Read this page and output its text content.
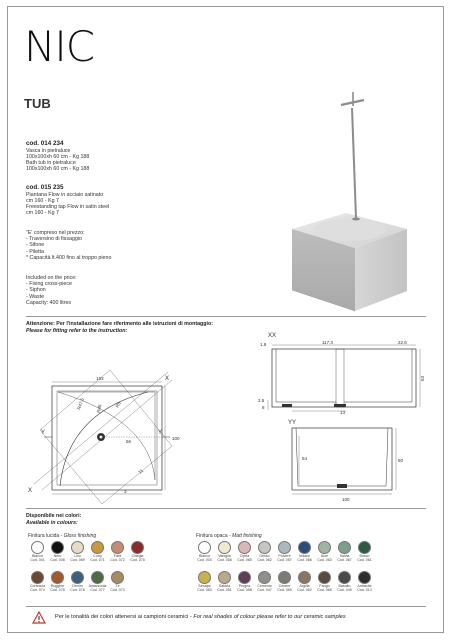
NIC
TUB
cod. 014 234
Vasca in pietraluce
100x100xh 60 cm - Kg 188
Bath tub in pietraluce
100x100xh 60 cm - Kg 188
cod. 015 235
Piantana Flow in acciaio satinato
cm 160 - Kg 7
Freestanding tap Flow in satin steel
cm 160 - Kg 7
"E' compreso nel prezzo:
- Traversino di fissaggio
- Sifone
- Piletta
* Capacità lt.400 fino al troppo pieno
Included on the price:
- Fixing cross-piece
- Siphon
- Waste
Capacity: 400 litres
Attenzione: Per l'installazione fare riferimento alle istruzioni di montaggio:
Please for fitting refer to the instruction:
102
R47.5 R45	R5
56
100
3
11
Y	Y
X
X
XX
1.8	117.3	22.6
2.5
8
13
63
YY
54	60
100
Disponibile nei colori:
Available in colours:
Finitura lucida - Gloss finishing	Finitura opaca - Matt finishing
Bianco
Cod. 001
Nero
Cod. 008
Lino
Cod. 069
Curry
Cod. 071
Fard
Cod. 072
Ciliegia
Cod. 075
Corteccia
Cod. 074
Ruggine
Cod. 078
Denim
Cod. 076
Amazzonia
Cod. 077
Tè
Cod. 073
Bianco
Cod. 003
Vaniglia
Cod. 058
Cipria
Cod. 065
Gesso
Cod. 062
Polvere
Cod. 057
Indaco
Cod. 066
Aloe
Cod. 063
Salvia
Cod. 067
Bosco
Cod. 061
Senape
Cod. 053
Sabbia
Cod. 051
Prugna
Cod. 058
Cemento
Cod. 047
Cenere
Cod. 059
Argilla
Cod. 052
Fango
Cod. 068
Basalto
Cod. 049
Antracite
Cod. 013
Per le tonalità dei colori attenersi ai campioni ceramici - For real shades of colour please refer to our ceramic samples
